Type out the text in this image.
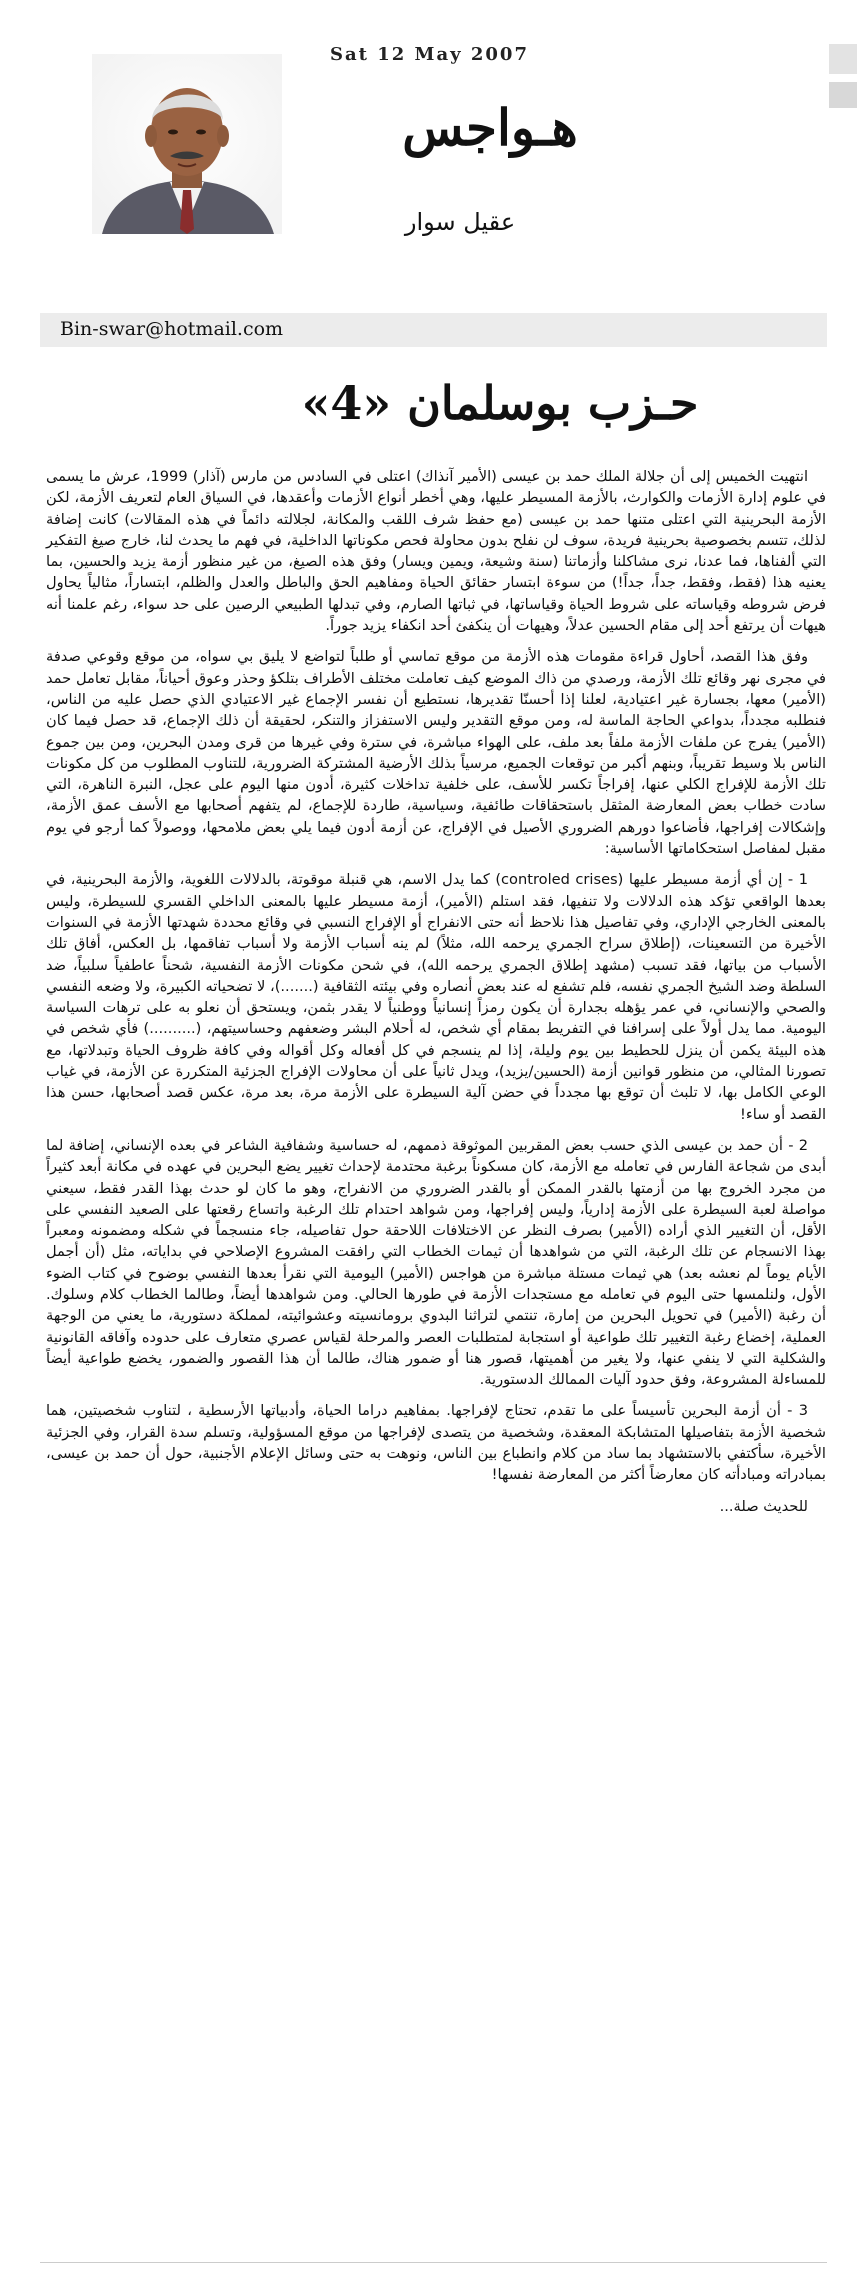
Sat 12 May 2007
هـواجس
عقيل سوار
Bin-swar@hotmail.com
حـزب بوسلمان «4»

انتهيت الخميس إلى أن جلالة الملك حمد بن عيسى (الأمير آنذاك) اعتلى في السادس من مارس (آذار) 1999، عرش ما يسمى في علوم إدارة الأزمات والكوارث، بالأزمة المسيطر عليها، وهي أخطر أنواع الأزمات وأعقدها، في السياق العام لتعريف الأزمة، لكن الأزمة البحرينية التي اعتلى متنها حمد بن عيسى (مع حفظ شرف اللقب والمكانة، لجلالته دائماً في هذه المقالات) كانت إضافة لذلك، تتسم بخصوصية بحرينية فريدة، سوف لن نفلح بدون محاولة فحص مكوناتها الداخلية، في فهم ما يحدث لنا، خارج صيغ التفكير التي ألفناها، فما عدنا، نرى مشاكلنا وأزماتنا (سنة وشيعة، ويمين ويسار) وفق هذه الصيغ، من غير منظور أزمة يزيد والحسين، بما يعنيه هذا (فقط، وفقط، جداً، جداً!) من سوءة ابتسار حقائق الحياة ومفاهيم الحق والباطل والعدل والظلم، ابتساراً، مثالياً يحاول فرض شروطه وقياساته على شروط الحياة وقياساتها، في ثباتها الصارم، وفي تبدلها الطبيعي الرصين على حد سواء، رغم علمنا أنه هيهات أن يرتفع أحد إلى مقام الحسين عدلاً، وهيهات أن ينكفئ أحد انكفاء يزيد جوراً.

وفق هذا القصد، أحاول قراءة مقومات هذه الأزمة من موقع تماسي أو طلباً لتواضع لا يليق بي سواه، من موقع وقوعي صدفة في مجرى نهر وقائع تلك الأزمة، ورصدي من ذاك الموضع كيف تعاملت مختلف الأطراف بتلكؤ وحذر وعوق أحياناً، مقابل تعامل حمد (الأمير) معها، بجسارة غير اعتيادية، لعلنا إذا أحسنّا تقديرها، نستطيع أن نفسر الإجماع غير الاعتيادي الذي حصل عليه من الناس، فنطلبه مجدداً، بدواعي الحاجة الماسة له، ومن موقع التقدير وليس الاستفزاز والتنكر، لحقيقة أن ذلك الإجماع، قد حصل فيما كان (الأمير) يفرج عن ملفات الأزمة ملفاً بعد ملف، على الهواء مباشرة، في سترة وفي غيرها من قرى ومدن البحرين، ومن بين جموع الناس بلا وسيط تقريباً، وبنهم أكبر من توقعات الجميع، مرسياً بذلك الأرضية المشتركة الضرورية، للتناوب المطلوب من كل مكونات تلك الأزمة للإفراج الكلي عنها، إفراجاً تكسر للأسف، على خلفية تداخلات كثيرة، أدون منها اليوم على عجل، النبرة الناهرة، التي سادت خطاب بعض المعارضة المثقل باستحقاقات طائفية، وسياسية، طاردة للإجماع، لم يتفهم أصحابها مع الأسف عمق الأزمة، وإشكالات إفراجها، فأضاعوا دورهم الضروري الأصيل في الإفراج، عن أزمة أدون فيما يلي بعض ملامحها، ووصولاً كما أرجو في يوم مقبل لمفاصل استحكاماتها الأساسية:

1 - إن أي أزمة مسيطر عليها (controled crises) كما يدل الاسم، هي قنبلة موقوتة، بالدلالات اللغوية، والأزمة البحرينية، في بعدها الواقعي تؤكد هذه الدلالات ولا تنفيها، فقد استلم (الأمير)، أزمة مسيطر عليها بالمعنى الداخلي القسري للسيطرة، وليس بالمعنى الخارجي الإداري، وفي تفاصيل هذا نلاحظ أنه حتى الانفراج أو الإفراج النسبي في وقائع محددة شهدتها الأزمة في السنوات الأخيرة من التسعينات، (إطلاق سراح الجمري يرحمه الله، مثلاً) لم ينه أسباب الأزمة ولا أسباب تفاقمها، بل العكس، أفاق تلك الأسباب من بياتها، فقد تسبب (مشهد إطلاق الجمري يرحمه الله)، في شحن مكونات الأزمة النفسية، شحناً عاطفياً سلبياً، ضد السلطة وضد الشيخ الجمري نفسه، فلم تشفع له عند بعض أنصاره وفي بيئته الثقافية (.......)، لا تضحياته الكبيرة، ولا وضعه النفسي والصحي والإنساني، في عمر يؤهله بجدارة أن يكون رمزاً إنسانياً ووطنياً لا يقدر بثمن، ويستحق أن نعلو به على ترهات السياسة اليومية. مما يدل أولاً على إسرافنا في التفريط بمقام أي شخص، له أحلام البشر وضعفهم وحساسيتهم، (..........) فأي شخص في هذه البيئة يكمن أن ينزل للحطيط بين يوم وليلة، إذا لم ينسجم في كل أفعاله وكل أقواله وفي كافة ظروف الحياة وتبدلاتها، مع تصورنا المثالي، من منظور قوانين أزمة (الحسين/يزيد)، ويدل ثانياً على أن محاولات الإفراج الجزئية المتكررة عن الأزمة، في غياب الوعي الكامل بها، لا تلبث أن توقع بها مجدداً في حضن آلية السيطرة على الأزمة مرة، بعد مرة، عكس قصد أصحابها، حسن هذا القصد أو ساء!

2 - أن حمد بن عيسى الذي حسب بعض المقربين الموثوقة ذممهم، له حساسية وشفافية الشاعر في بعده الإنساني، إضافة لما أبدى من شجاعة الفارس في تعامله مع الأزمة، كان مسكوناً برغبة محتدمة لإحداث تغيير يضع البحرين في عهده في مكانة أبعد كثيراً من مجرد الخروج بها من أزمتها بالقدر الممكن أو بالقدر الضروري من الانفراج، وهو ما كان لو حدث بهذا القدر فقط، سيعني مواصلة لعبة السيطرة على الأزمة إدارياً، وليس إفراجها، ومن شواهد احتدام تلك الرغبة واتساع رقعتها على الصعيد النفسي على الأقل، أن التغيير الذي أراده (الأمير) بصرف النظر عن الاختلافات اللاحقة حول تفاصيله، جاء منسجماً في شكله ومضمونه ومعبراً بهذا الانسجام عن تلك الرغبة، التي من شواهدها أن ثيمات الخطاب التي رافقت المشروع الإصلاحي في بداياته، مثل (أن أجمل الأيام يوماً لم نعشه بعد) هي ثيمات مستلة مباشرة من هواجس (الأمير) اليومية التي نقرأ بعدها النفسي بوضوح في كتاب الضوء الأول، ولنلمسها حتى اليوم في تعامله مع مستجدات الأزمة في طورها الحالي. ومن شواهدها أيضاً، وطالما الخطاب كلام وسلوك. أن رغبة (الأمير) في تحويل البحرين من إمارة، تنتمي لتراثنا البدوي برومانسيته وعشوائيته، لمملكة دستورية، ما يعني من الوجهة العملية، إخضاع رغبة التغيير تلك طواعية أو استجابة لمتطلبات العصر والمرحلة لقياس عصري متعارف على حدوده وآفاقه القانونية والشكلية التي لا ينفي عنها، ولا يغير من أهميتها، قصور هنا أو ضمور هناك، طالما أن هذا القصور والضمور، يخضع طواعية أيضاً للمساءلة المشروعة، وفق حدود آليات الممالك الدستورية.

3 - أن أزمة البحرين تأسيساً على ما تقدم، تحتاج لإفراجها. بمفاهيم دراما الحياة، وأدبياتها الأرسطية ، لتناوب شخصيتين، هما شخصية الأزمة بتفاصيلها المتشابكة المعقدة، وشخصية من يتصدى لإفراجها من موقع المسؤولية، وتسلم سدة القرار، وفي الجزئية الأخيرة، سأكتفي بالاستشهاد بما ساد من كلام وانطباع بين الناس، ونوهت به حتى وسائل الإعلام الأجنبية، حول أن حمد بن عيسى، بمبادراته ومبادأته كان معارضاً أكثر من المعارضة نفسها!

للحديث صلة...
